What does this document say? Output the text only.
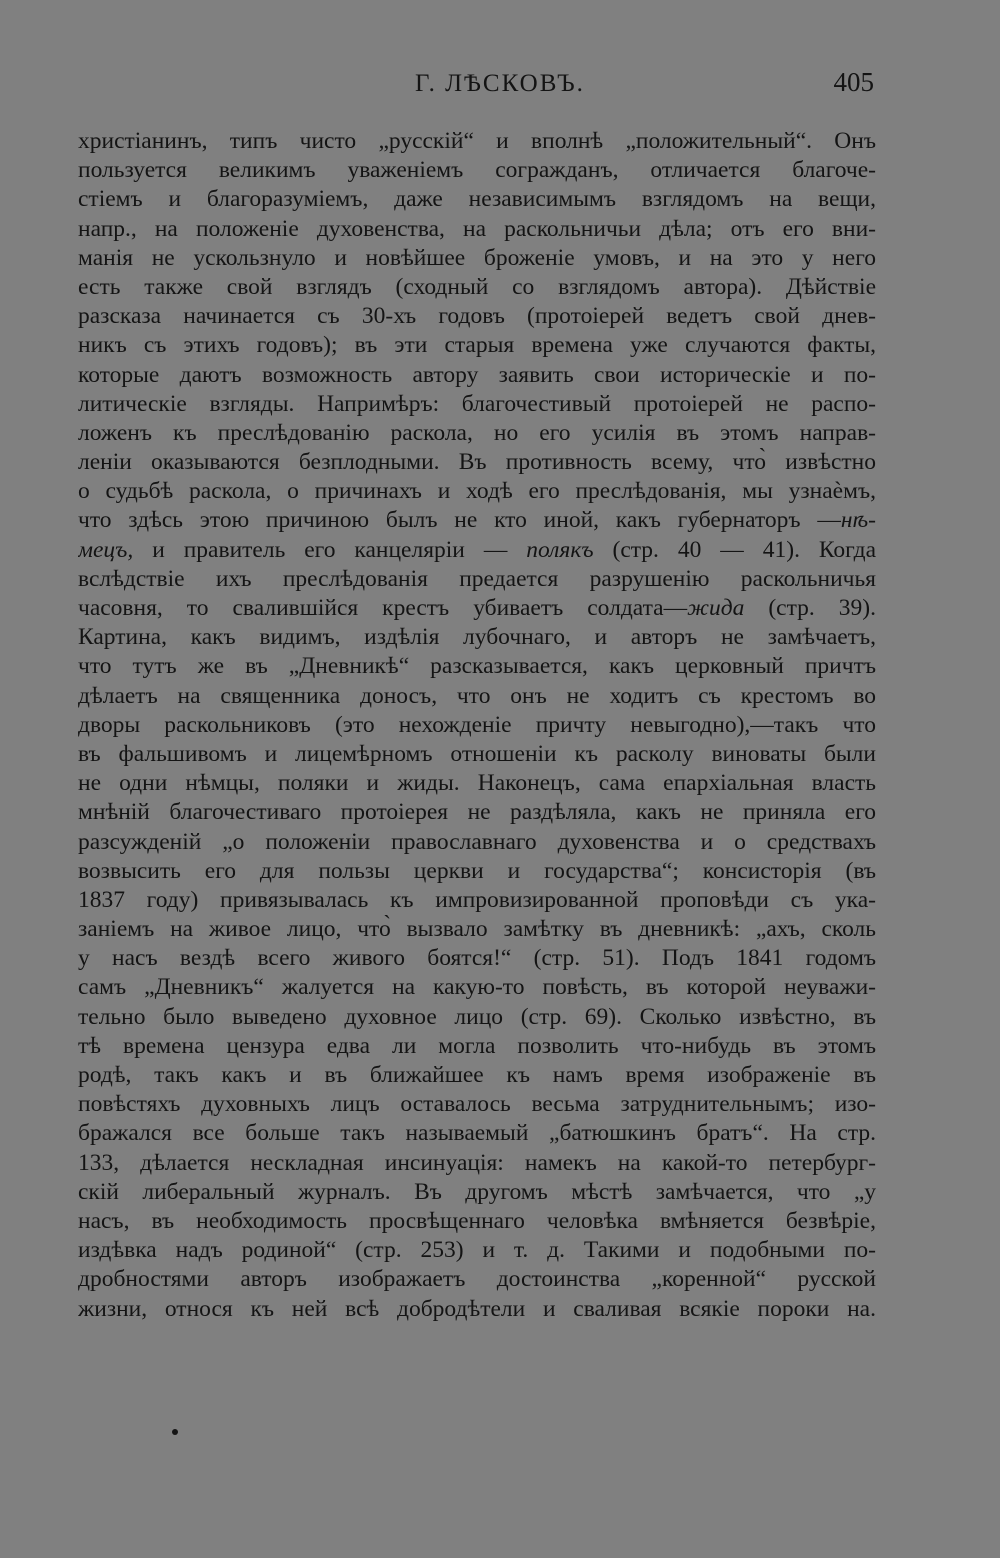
Г. ЛѢСКОВЪ.	405
христіанинъ, типъ чисто „русскій“ и вполнѣ „положительный“. Онъ
пользуется великимъ уваженіемъ согражданъ, отличается благоче-
стіемъ и благоразуміемъ, даже независимымъ взглядомъ на вещи,
напр., на положеніе духовенства, на раскольничьи дѣла; отъ его вни-
манія не ускользнуло и новѣйшее броженіе умовъ, и на это у него
есть также свой взглядъ (сходный со взглядомъ автора). Дѣйствіе
разсказа начинается съ 30-хъ годовъ (протоіерей ведетъ свой днев-
никъ съ этихъ годовъ); въ эти старыя времена уже случаются факты,
которые даютъ возможность автору заявить свои историческіе и по-
литическіе взгляды. Напримѣръ: благочестивый протоіерей не распо-
ложенъ къ преслѣдованію раскола, но его усилія въ этомъ направ-
леніи оказываются безплодными. Въ противность всему, что̀ извѣстно
о судьбѣ раскола, о причинахъ и ходѣ его преслѣдованія, мы узнаѐмъ,
что здѣсь этою причиною былъ не кто иной, какъ губернаторъ —нѣ-
мецъ, и правитель его канцеляріи — полякъ (стр. 40 — 41). Когда
вслѣдствіе ихъ преслѣдованія предается разрушенію раскольничья
часовня, то свалившійся крестъ убиваетъ солдата—жида (стр. 39).
Картина, какъ видимъ, издѣлія лубочнаго, и авторъ не замѣчаетъ,
что тутъ же въ „Дневникѣ“ разсказывается, какъ церковный причтъ
дѣлаетъ на священника доносъ, что онъ не ходитъ съ крестомъ во
дворы раскольниковъ (это нехожденіе причту невыгодно),—такъ что
въ фальшивомъ и лицемѣрномъ отношеніи къ расколу виноваты были
не одни нѣмцы, поляки и жиды. Наконецъ, сама епархіальная власть
мнѣній благочестиваго протоіерея не раздѣляла, какъ не приняла его
разсужденій „о положеніи православнаго духовенства и о средствахъ
возвысить его для пользы церкви и государства“; консисторія (въ
1837 году) привязывалась къ импровизированной проповѣди съ ука-
заніемъ на живое лицо, что̀ вызвало замѣтку въ дневникѣ: „ахъ, сколь
у насъ вездѣ всего живого боятся!“ (стр. 51). Подъ 1841 годомъ
самъ „Дневникъ“ жалуется на какую-то повѣсть, въ которой неуважи-
тельно было выведено духовное лицо (стр. 69). Сколько извѣстно, въ
тѣ времена цензура едва ли могла позволить что-нибудь въ этомъ
родѣ, такъ какъ и въ ближайшее къ намъ время изображеніе въ
повѣстяхъ духовныхъ лицъ оставалось весьма затруднительнымъ; изо-
бражался все больше такъ называемый „батюшкинъ братъ“. На стр.
133, дѣлается нескладная инсинуація: намекъ на какой-то петербург-
скій либеральный журналъ. Въ другомъ мѣстѣ замѣчается, что „у
насъ, въ необходимость просвѣщеннаго человѣка вмѣняется безвѣріе,
издѣвка надъ родиной“ (стр. 253) и т. д. Такими и подобными по-
дробностями авторъ изображаетъ достоинства „коренной“ русской
жизни, относя къ ней всѣ добродѣтели и сваливая всякіе пороки на.
